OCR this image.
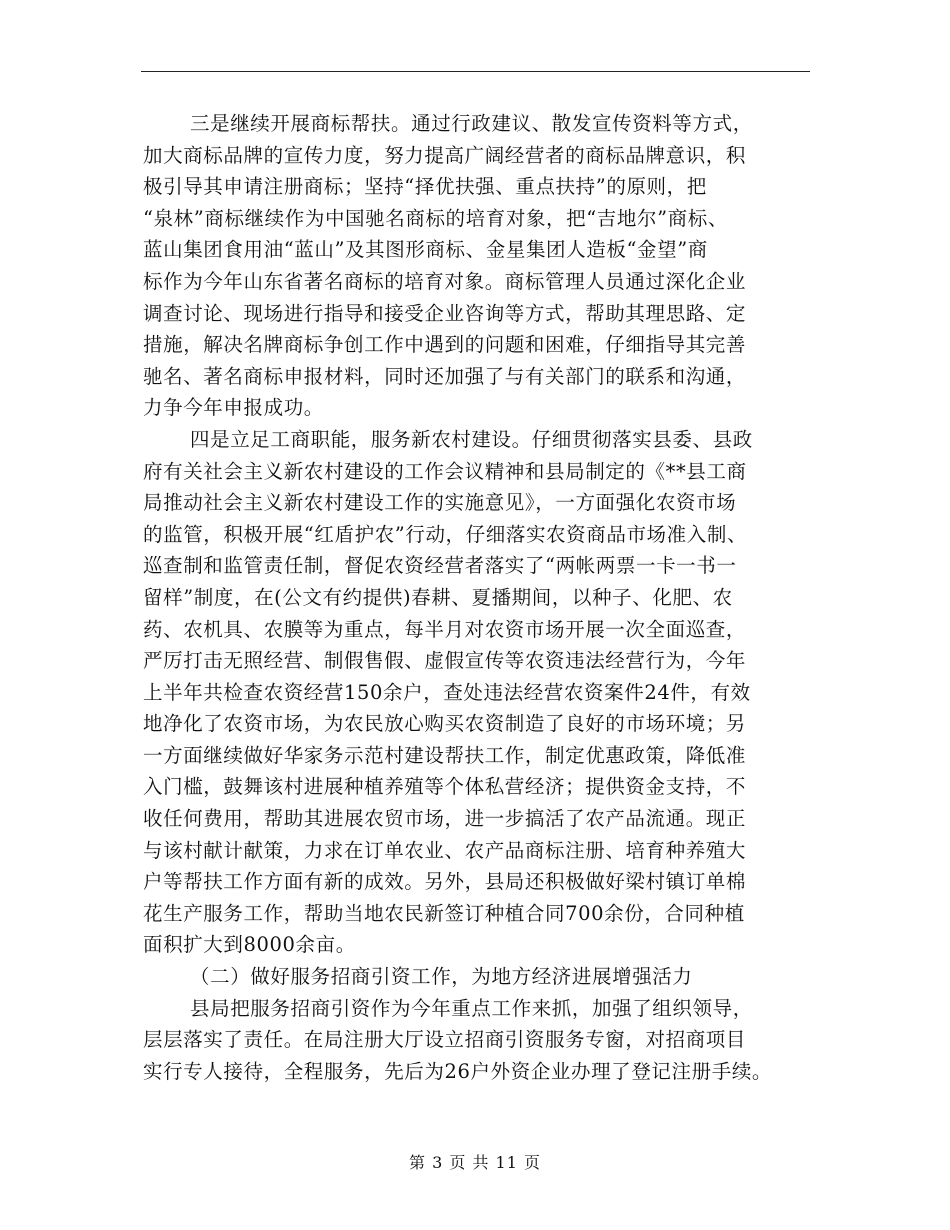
三是继续开展商标帮扶。通过行政建议、散发宣传资料等方式，
加大商标品牌的宣传力度，努力提高广阔经营者的商标品牌意识，积
极引导其申请注册商标；坚持“择优扶强、重点扶持”的原则，把
“泉林”商标继续作为中国驰名商标的培育对象，把“吉地尔”商标、
蓝山集团食用油“蓝山”及其图形商标、金星集团人造板“金望”商
标作为今年山东省著名商标的培育对象。商标管理人员通过深化企业
调查讨论、现场进行指导和接受企业咨询等方式，帮助其理思路、定
措施，解决名牌商标争创工作中遇到的问题和困难，仔细指导其完善
驰名、著名商标申报材料，同时还加强了与有关部门的联系和沟通，
力争今年申报成功。
四是立足工商职能，服务新农村建设。仔细贯彻落实县委、县政
府有关社会主义新农村建设的工作会议精神和县局制定的《**县工商
局推动社会主义新农村建设工作的实施意见》，一方面强化农资市场
的监管，积极开展“红盾护农”行动，仔细落实农资商品市场准入制、
巡查制和监管责任制，督促农资经营者落实了“两帐两票一卡一书一
留样”制度，在(公文有约提供)春耕、夏播期间，以种子、化肥、农
药、农机具、农膜等为重点，每半月对农资市场开展一次全面巡查，
严厉打击无照经营、制假售假、虚假宣传等农资违法经营行为，今年
上半年共检查农资经营150余户，查处违法经营农资案件24件，有效
地净化了农资市场，为农民放心购买农资制造了良好的市场环境；另
一方面继续做好华家务示范村建设帮扶工作，制定优惠政策，降低准
入门槛，鼓舞该村进展种植养殖等个体私营经济；提供资金支持，不
收任何费用，帮助其进展农贸市场，进一步搞活了农产品流通。现正
与该村献计献策，力求在订单农业、农产品商标注册、培育种养殖大
户等帮扶工作方面有新的成效。另外，县局还积极做好梁村镇订单棉
花生产服务工作，帮助当地农民新签订种植合同700余份，合同种植
面积扩大到8000余亩。
（二）做好服务招商引资工作，为地方经济进展增强活力
县局把服务招商引资作为今年重点工作来抓，加强了组织领导，
层层落实了责任。在局注册大厅设立招商引资服务专窗，对招商项目
实行专人接待，全程服务，先后为26户外资企业办理了登记注册手续。
第 3 页 共 11 页
